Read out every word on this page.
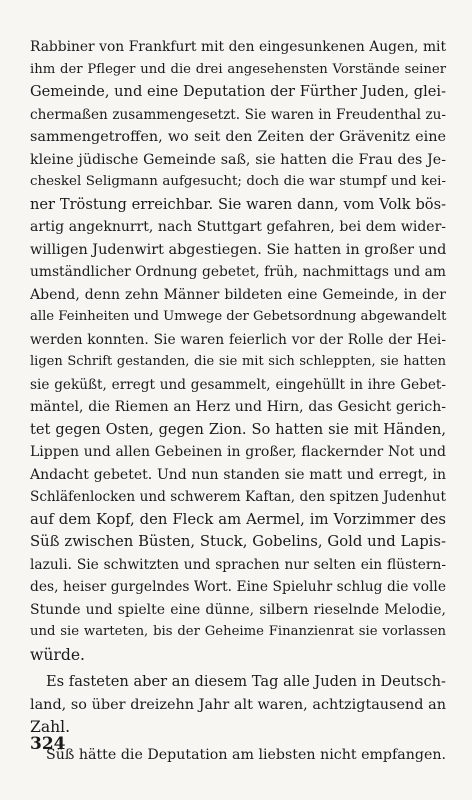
Rabbiner von Frankfurt mit den eingesunkenen Augen, mit
ihm der Pfleger und die drei angesehensten Vorstände seiner
Gemeinde, und eine Deputation der Fürther Juden, glei-
chermaßen zusammengesetzt. Sie waren in Freudenthal zu-
sammengetroffen, wo seit den Zeiten der Grävenitz eine
kleine jüdische Gemeinde saß, sie hatten die Frau des Je-
cheskel Seligmann aufgesucht; doch die war stumpf und kei-
ner Tröstung erreichbar. Sie waren dann, vom Volk bös-
artig angeknurrt, nach Stuttgart gefahren, bei dem wider-
willigen Judenwirt abgestiegen. Sie hatten in großer und
umständlicher Ordnung gebetet, früh, nachmittags und am
Abend, denn zehn Männer bildeten eine Gemeinde, in der
alle Feinheiten und Umwege der Gebetsordnung abgewandelt
werden konnten. Sie waren feierlich vor der Rolle der Hei-
ligen Schrift gestanden, die sie mit sich schleppten, sie hatten
sie geküßt, erregt und gesammelt, eingehüllt in ihre Gebet-
mäntel, die Riemen an Herz und Hirn, das Gesicht gerich-
tet gegen Osten, gegen Zion. So hatten sie mit Händen,
Lippen und allen Gebeinen in großer, flackernder Not und
Andacht gebetet. Und nun standen sie matt und erregt, in
Schläfenlocken und schwerem Kaftan, den spitzen Judenhut
auf dem Kopf, den Fleck am Aermel, im Vorzimmer des
Süß zwischen Büsten, Stuck, Gobelins, Gold und Lapis-
lazuli. Sie schwitzten und sprachen nur selten ein flüstern-
des, heiser gurgelndes Wort. Eine Spieluhr schlug die volle
Stunde und spielte eine dünne, silbern rieselnde Melodie,
und sie warteten, bis der Geheime Finanzienrat sie vorlassen
würde.
Es fasteten aber an diesem Tag alle Juden in Deutsch-
land, so über dreizehn Jahr alt waren, achtzigtausend an
Zahl.
Süß hätte die Deputation am liebsten nicht empfangen.
324
